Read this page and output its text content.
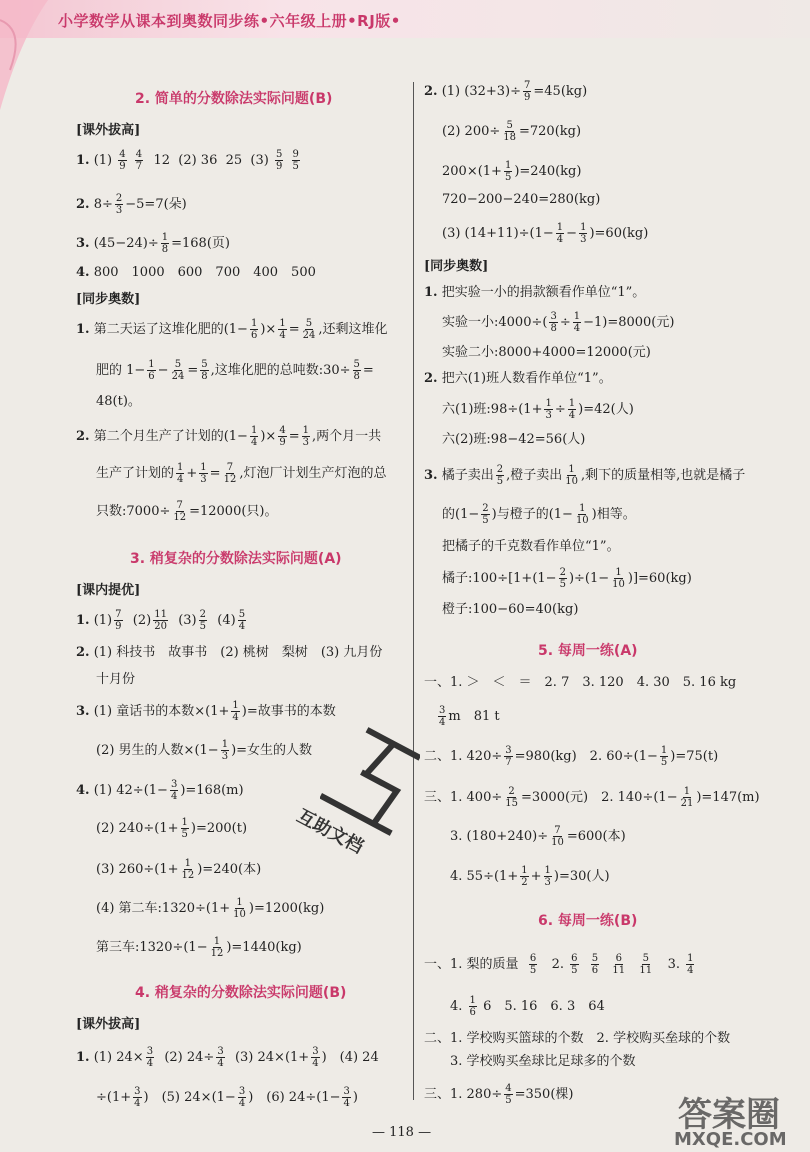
小学数学从课本到奥数同步练•六年级上册•RJ版•
2. 简单的分数除法实际问题(B)
[课外拔高]
1. $(1) \frac{4}{9}$
$\frac{4}{7} 12$ (2) 36 25 $(3) \frac{5}{9}$
$\frac{9}{5}$
2. $8\div \frac{2}{3} -5=7$(朵)
3. $(45-24)\div \frac{1}{8} =168$(页)
4. 800　1000　600　700　400　500
[同步奥数]
1. 第二天运了这堆化肥的($1- \frac{1}{6}$ )× $\frac{1}{4} = \frac{5}{24}$ ,还剩这堆化
肥的 $1- \frac{1}{6} - \frac{5}{24} = \frac{5}{8}$ ,这堆化肥的总吨数:30÷ $\frac{5}{8}$ =
48(t)。
2. 第二个月生产了计划的($1- \frac{1}{4}$ )× $\frac{4}{9} = \frac{1}{3}$ ,两个月一共
生产了计划的 $\frac{1}{4} + \frac{1}{3} = \frac{7}{12}$ ,灯泡厂计划生产灯泡的总
只数:7000÷ $\frac{7}{12} =12000$(只)。
3. 稍复杂的分数除法实际问题(A)
[课内提优]
1. $(1) \frac{7}{9} (2) \frac{11}{20} (3) \frac{2}{5} (4) \frac{5}{4}$
2. (1) 科技书　故事书　(2) 桃树　梨树　(3) 九月份
十月份
3. (1) 童话书的本数$\times(1+ \frac{1}{4}$ )=故事书的本数
(2) 男生的人数$\times(1- \frac{1}{3}$ )=女生的人数
4. (1) $42\div(1- \frac{3}{4} )=168(m)$
(2) $240\div(1+ \frac{1}{5} )=200(t)$
(3) $260\div(1+ \frac{1}{12} )=240$(本)
(4) 第二车:1320÷(1+ $\frac{1}{10} )=1200(kg)$
第三车:1320÷(1− $\frac{1}{12} )=1440(kg)$
4. 稍复杂的分数除法实际问题(B)
[课外拔高]
1. (1) $24\times \frac{3}{4} (2)$ $24\div \frac{3}{4} (3)$ $24\times(1+ \frac{3}{4}$ )　(4) 24
$\div(1+ \frac{3}{4}$ )　(5) $24\times(1- \frac{3}{4}$ )　(6) $24\div(1- \frac{3}{4}$ )
2. (1) $(32+3)\div \frac{7}{9} =45(kg)$
(2) $200\div \frac{5}{18} =720(kg)$
$200\times(1+ \frac{1}{5} )=240(kg)$
720−200−240=280(kg)
(3) $(14+11)\div(1- \frac{1}{4} - \frac{1}{3} )=60(kg)$
[同步奥数]
1. 把实验一小的捐款额看作单位“1”。
实验一小:4000÷( $\frac{3}{8} \div \frac{1}{4} -1)=8000$(元)
实验二小:8000+4000=12000(元)
2. 把六(1)班人数看作单位“1”。
六(1)班:98÷(1+ $\frac{1}{3} \div \frac{1}{4} )=42$(人)
六(2)班:98−42=56(人)
3. 橘子卖出 $\frac{2}{5}$ ,橙子卖出 $\frac{1}{10}$ ,剩下的质量相等,也就是橘子
的($1- \frac{2}{5}$ )与橙子的($1- \frac{1}{10}$ )相等。
把橘子的千克数看作单位“1”。
橘子:100÷[1+(1− $\frac{2}{5} )\div(1- \frac{1}{10} )]=60(kg)$
橙子:100−60=40(kg)
5. 每周一练(A)
一、1. ＞　＜　＝　2. 7　3. 120　4. 30　5. 16 kg
$\frac{3}{4}$ m　81 t
二、1. $420\div \frac{3}{7} =980(kg)$　2. $60\div(1- \frac{1}{5} )=75(t)$
三、1. $400\div \frac{2}{15} =3000$(元)　2. $140\div(1- \frac{1}{21} )=147(m)$
3. $(180+240)\div \frac{7}{10} =600$(本)
4. $55\div(1+ \frac{1}{2} + \frac{1}{3} )=30$(人)
6. 每周一练(B)
一、1. 梨的质量 $\frac{6}{5} 2$. $\frac{6}{5}$
$\frac{5}{6}$
$\frac{6}{11}$
$\frac{5}{11} 3$. $\frac{1}{4}$
4. $\frac{1}{6} 6$　5. 16　6. 3　64
二、1. 学校购买篮球的个数　2. 学校购买垒球的个数
3. 学校购买垒球比足球多的个数
三、1. $280\div \frac{4}{5} =350$(棵)
互助文档
— 118 —	答案圈
MXQE.COM
